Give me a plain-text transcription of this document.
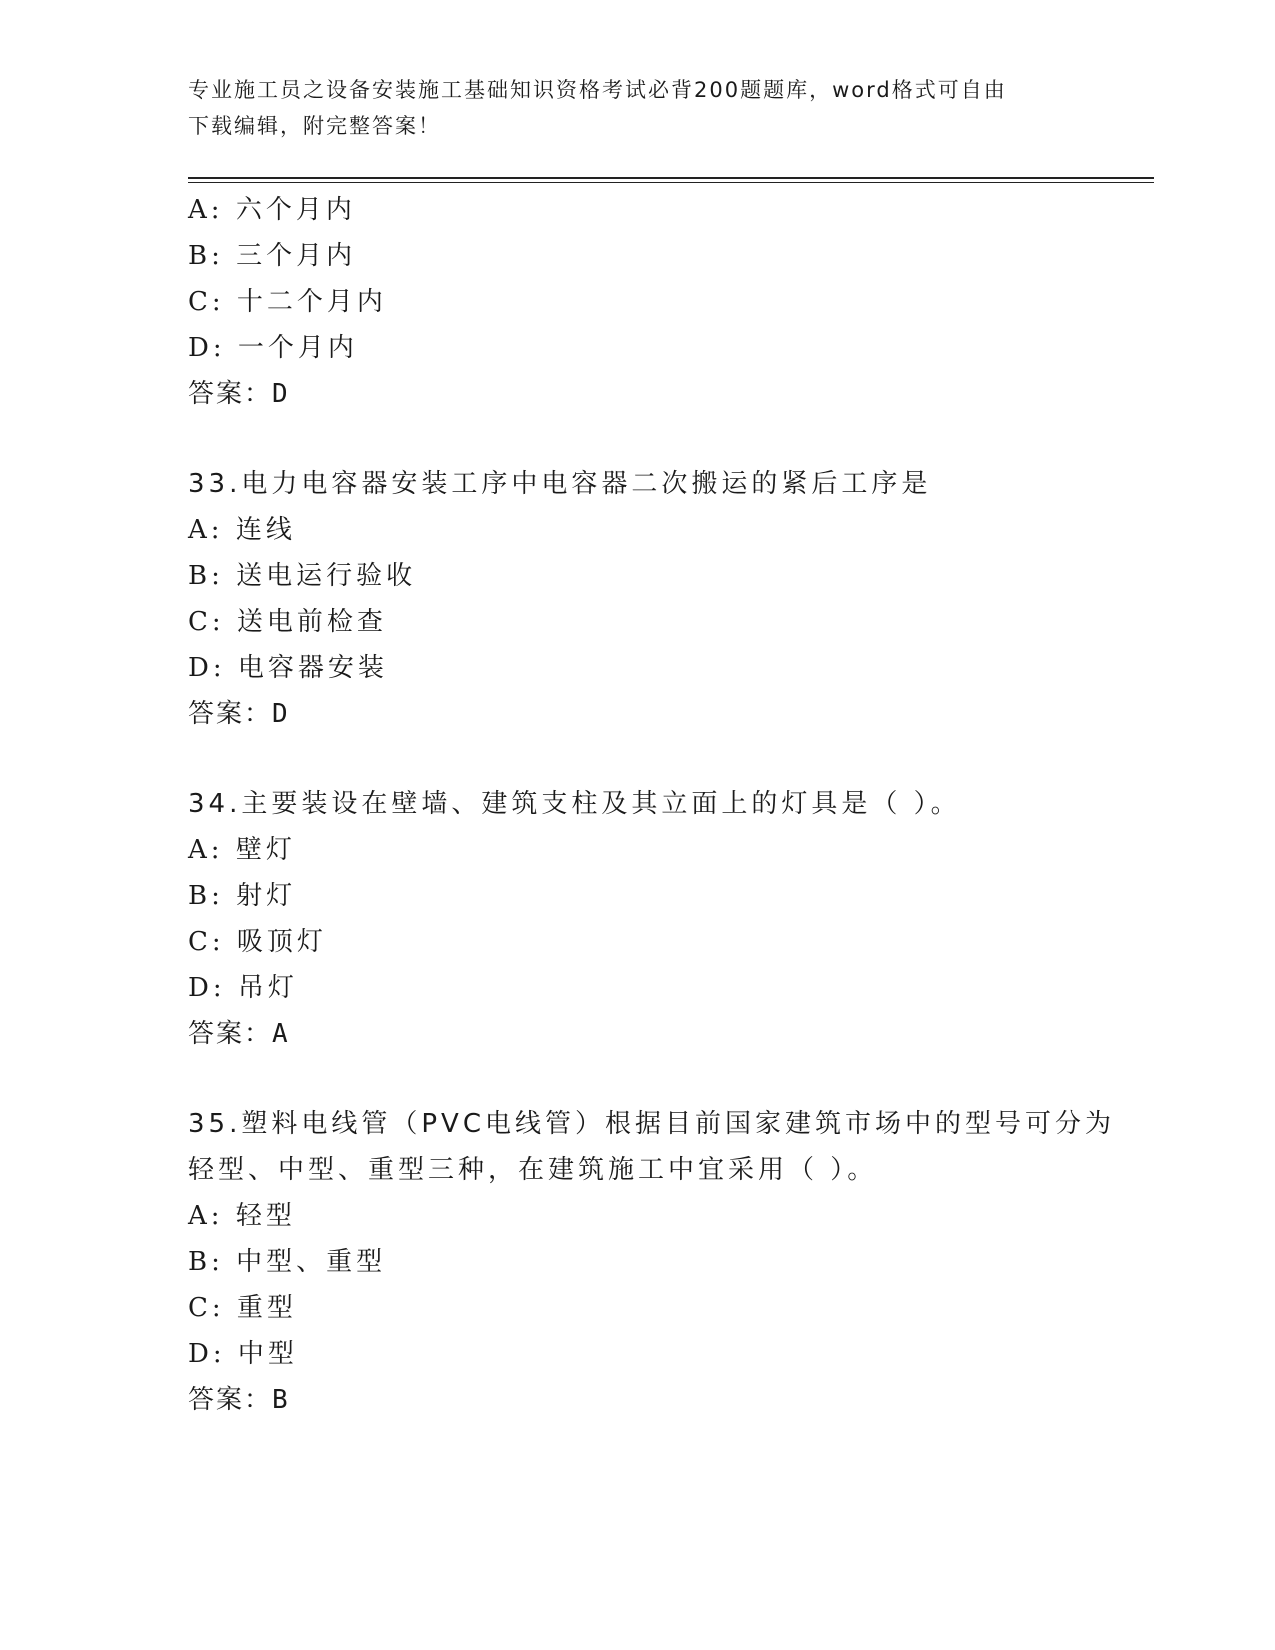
专业施工员之设备安装施工基础知识资格考试必背200题题库，word格式可自由
下载编辑，附完整答案！
A: 六个月内
B: 三个月内
C: 十二个月内
D: 一个月内
答案：D
33.电力电容器安装工序中电容器二次搬运的紧后工序是
A: 连线
B: 送电运行验收
C: 送电前检查
D: 电容器安装
答案：D
34.主要装设在壁墙、建筑支柱及其立面上的灯具是（ ）。
A: 壁灯
B: 射灯
C: 吸顶灯
D: 吊灯
答案：A
35.塑料电线管（PVC电线管）根据目前国家建筑市场中的型号可分为
轻型、中型、重型三种，在建筑施工中宜采用（ ）。
A: 轻型
B: 中型、重型
C: 重型
D: 中型
答案：B
